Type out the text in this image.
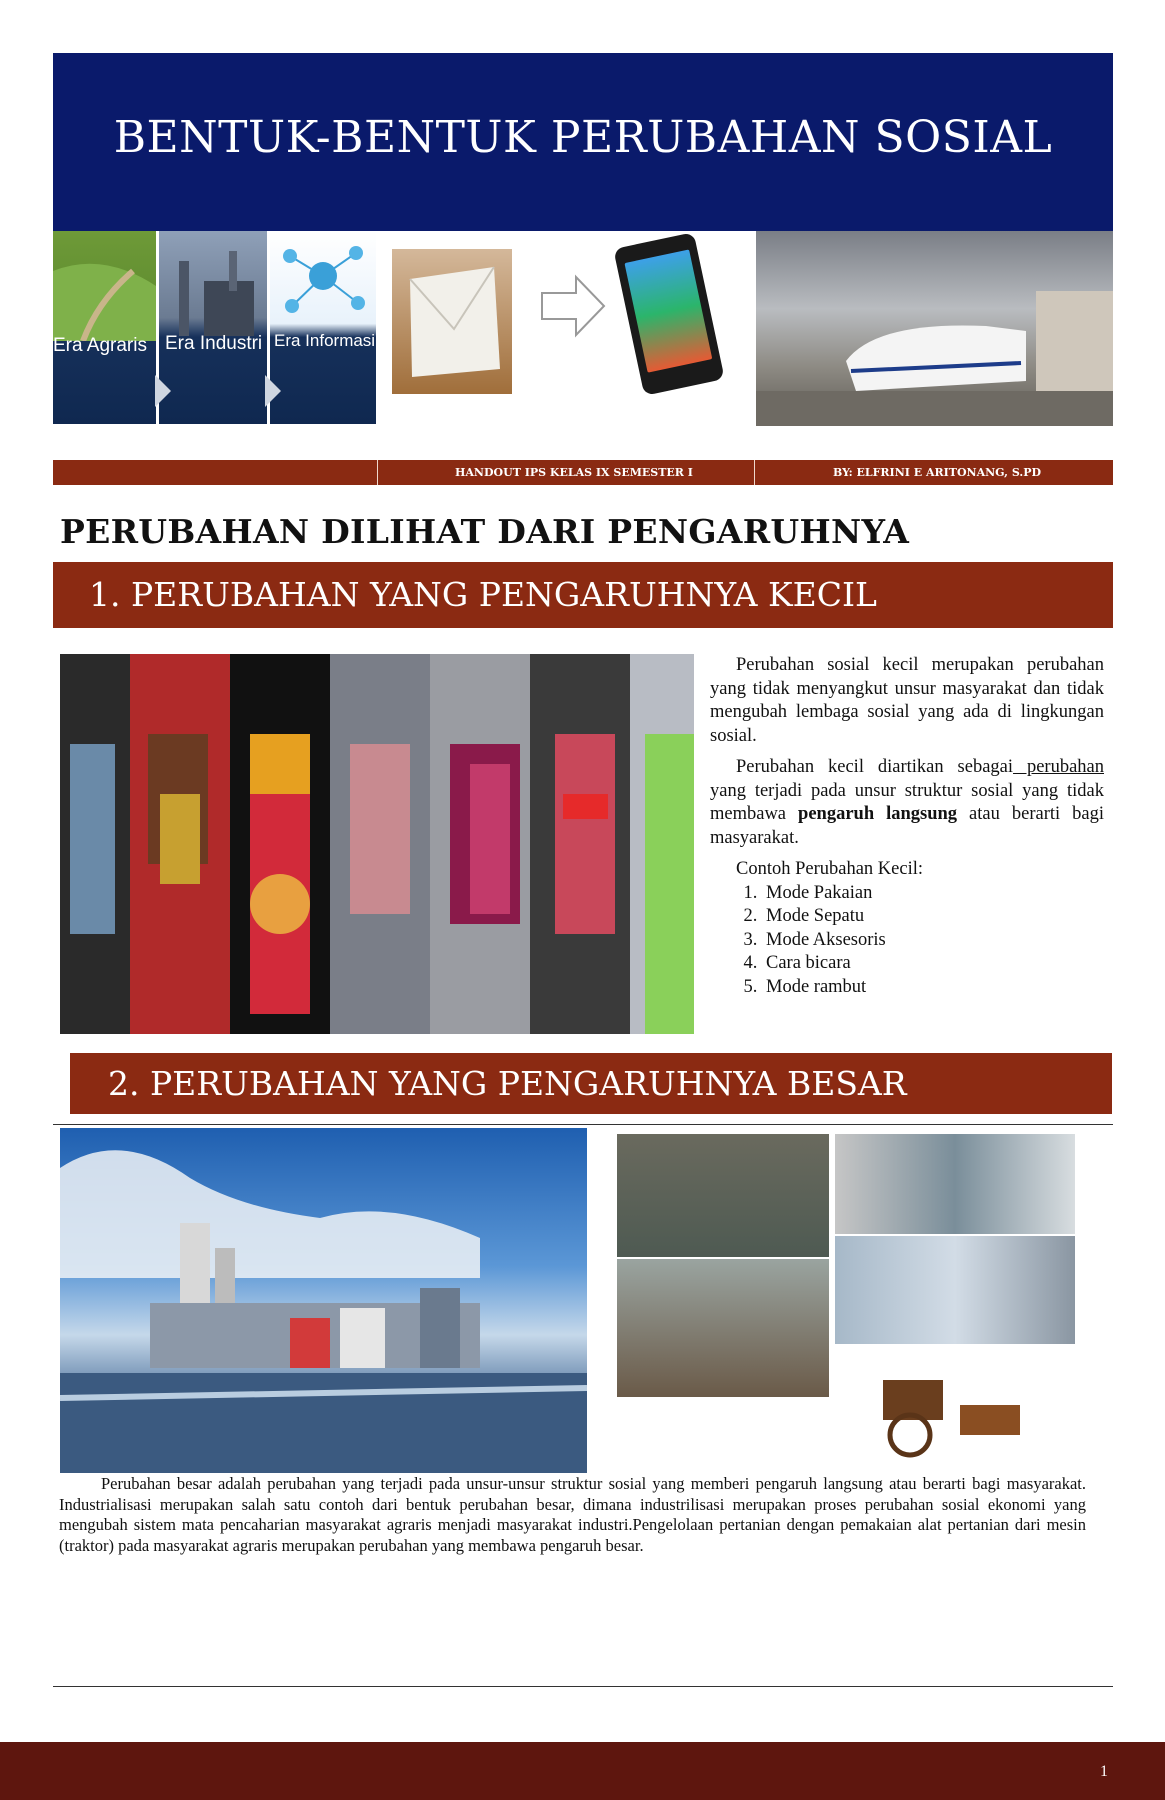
BENTUK-BENTUK PERUBAHAN SOSIAL
Era Agraris Era Industri Era Informasi
HANDOUT IPS KELAS IX SEMESTER I	BY: ELFRINI E ARITONANG, S.PD
PERUBAHAN DILIHAT DARI PENGARUHNYA
1. PERUBAHAN YANG PENGARUHNYA KECIL

Perubahan sosial kecil merupakan perubahan yang tidak menyangkut unsur masyarakat dan tidak mengubah lembaga sosial yang ada di lingkungan sosial.

Perubahan kecil diartikan sebagai perubahan yang terjadi pada unsur struktur sosial yang tidak membawa pengaruh langsung atau berarti bagi masyarakat.

Contoh Perubahan Kecil:
1. Mode Pakaian
2. Mode Sepatu
3. Mode Aksesoris
4. Cara bicara
5. Mode rambut
2. PERUBAHAN YANG PENGARUHNYA BESAR
Perubahan besar adalah perubahan yang terjadi pada unsur-unsur struktur sosial yang memberi pengaruh langsung atau berarti bagi masyarakat. Industrialisasi merupakan salah satu contoh dari bentuk perubahan besar, dimana industrilisasi merupakan proses perubahan sosial ekonomi yang mengubah sistem mata pencaharian masyarakat agraris menjadi masyarakat industri.Pengelolaan pertanian dengan pemakaian alat pertanian dari mesin (traktor) pada masyarakat agraris merupakan perubahan yang membawa pengaruh besar.
1
